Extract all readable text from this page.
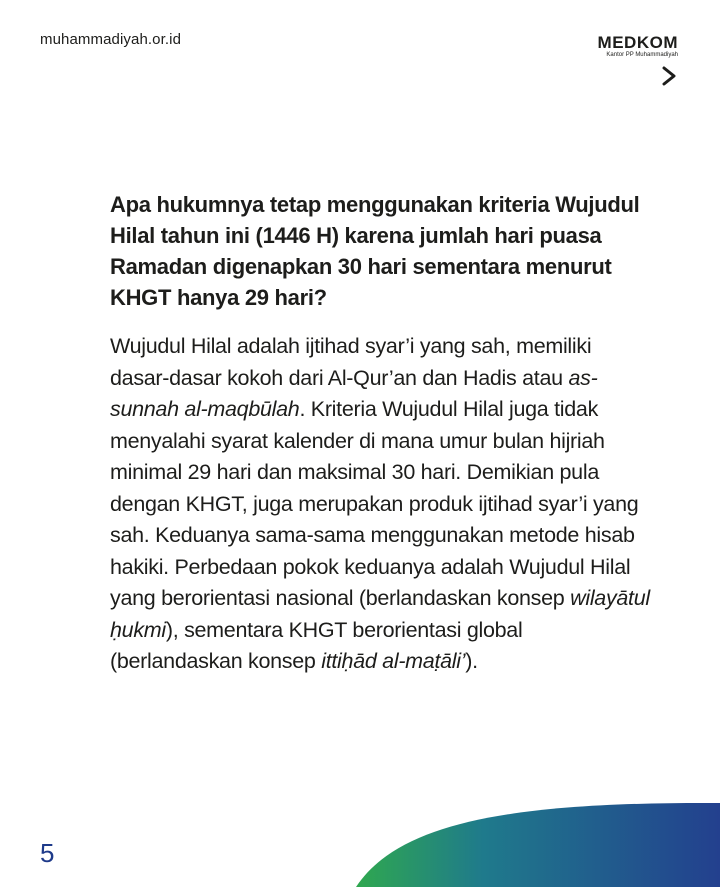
muhammadiyah.or.id	MEDKOM
Kantor PP Muhammadiyah
Apa hukumnya tetap menggunakan kriteria Wujudul Hilal tahun ini (1446 H) karena jumlah hari puasa Ramadan digenapkan 30 hari sementara menurut KHGT hanya 29 hari?

Wujudul Hilal adalah ijtihad syar’i yang sah, memiliki dasar-dasar kokoh dari Al-Qur’an dan Hadis atau as-sunnah al-maqbūlah. Kriteria Wujudul Hilal juga tidak menyalahi syarat kalender di mana umur bulan hijriah minimal 29 hari dan maksimal 30 hari. Demikian pula dengan KHGT, juga merupakan produk ijtihad syar’i yang sah. Keduanya sama-sama menggunakan metode hisab hakiki. Perbedaan pokok keduanya adalah Wujudul Hilal yang berorientasi nasional (berlandaskan konsep wilayātul ḥukmi), sementara KHGT berorientasi global (berlandaskan konsep ittiḥād al-maṭāli’).

5
